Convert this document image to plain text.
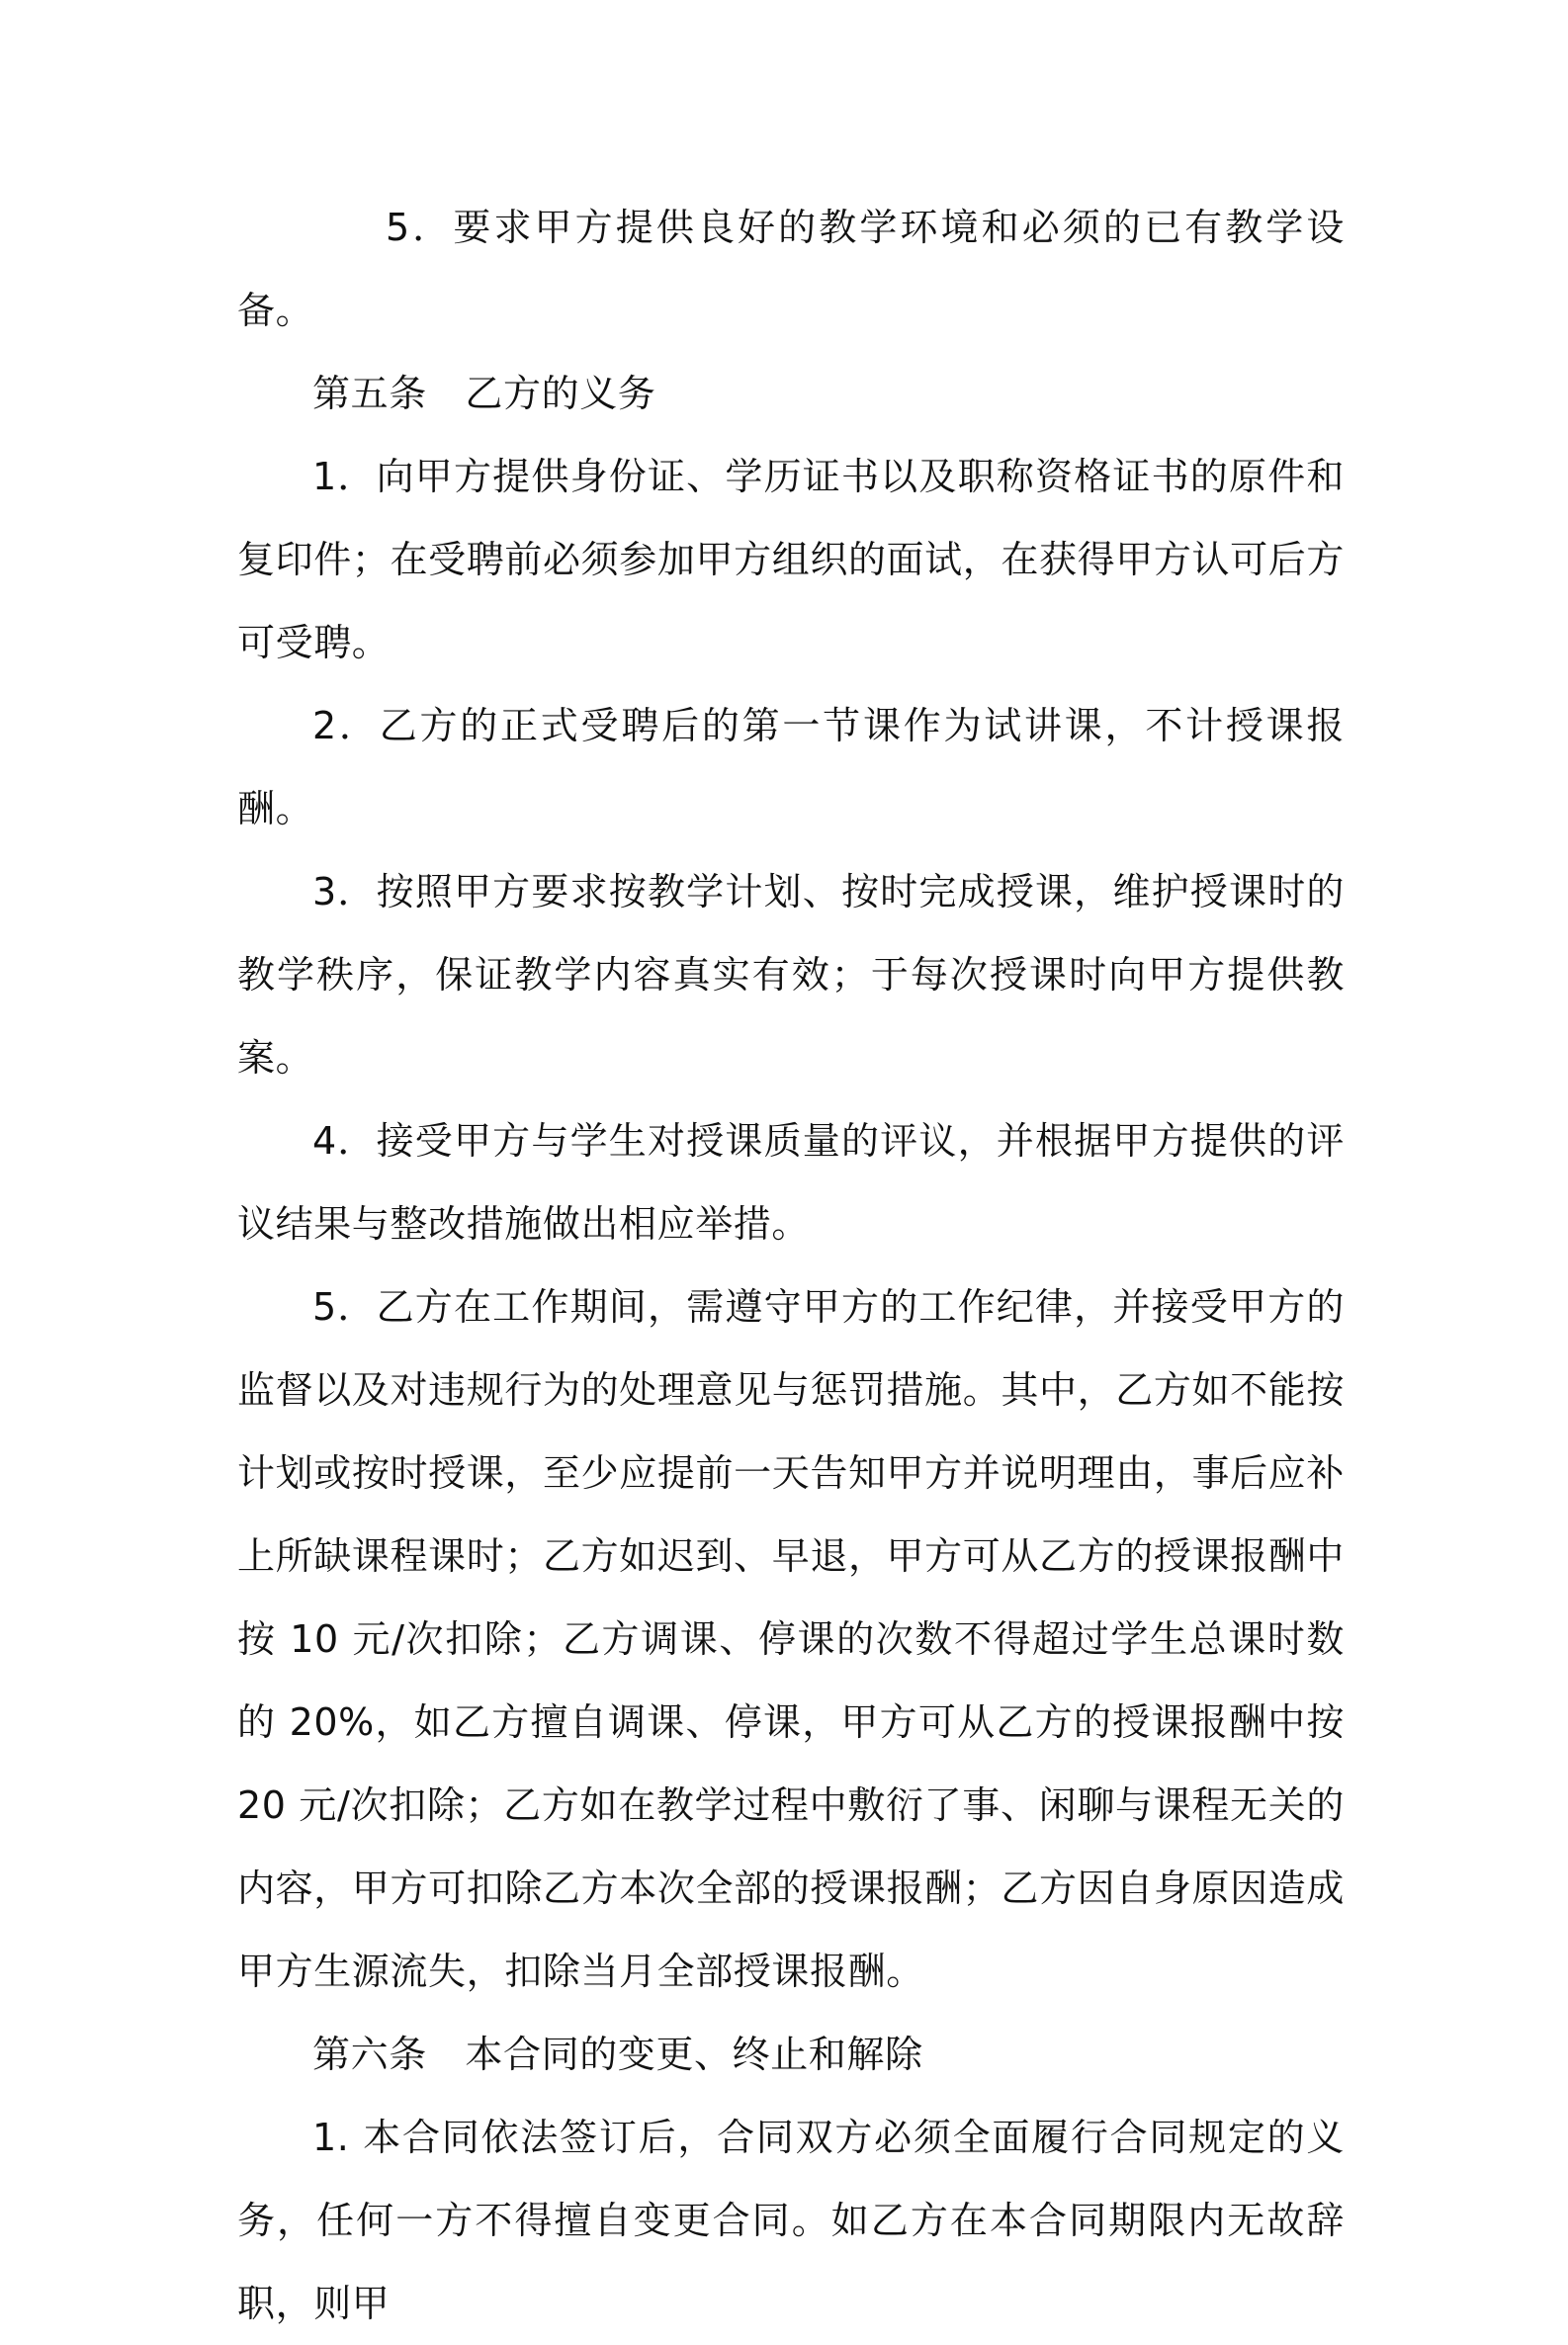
5．要求甲方提供良好的教学环境和必须的已有教学设备。

第五条　乙方的义务

1．向甲方提供身份证、学历证书以及职称资格证书的原件和复印件；在受聘前必须参加甲方组织的面试，在获得甲方认可后方可受聘。

2．乙方的正式受聘后的第一节课作为试讲课，不计授课报酬。

3．按照甲方要求按教学计划、按时完成授课，维护授课时的教学秩序，保证教学内容真实有效；于每次授课时向甲方提供教案。

4．接受甲方与学生对授课质量的评议，并根据甲方提供的评议结果与整改措施做出相应举措。

5．乙方在工作期间，需遵守甲方的工作纪律，并接受甲方的监督以及对违规行为的处理意见与惩罚措施。其中，乙方如不能按计划或按时授课，至少应提前一天告知甲方并说明理由，事后应补上所缺课程课时；乙方如迟到、早退，甲方可从乙方的授课报酬中按 10 元/次扣除；乙方调课、停课的次数不得超过学生总课时数的 20%，如乙方擅自调课、停课，甲方可从乙方的授课报酬中按 20 元/次扣除；乙方如在教学过程中敷衍了事、闲聊与课程无关的内容，甲方可扣除乙方本次全部的授课报酬；乙方因自身原因造成甲方生源流失，扣除当月全部授课报酬。

第六条　本合同的变更、终止和解除

1. 本合同依法签订后，合同双方必须全面履行合同规定的义务，任何一方不得擅自变更合同。如乙方在本合同期限内无故辞职，则甲
